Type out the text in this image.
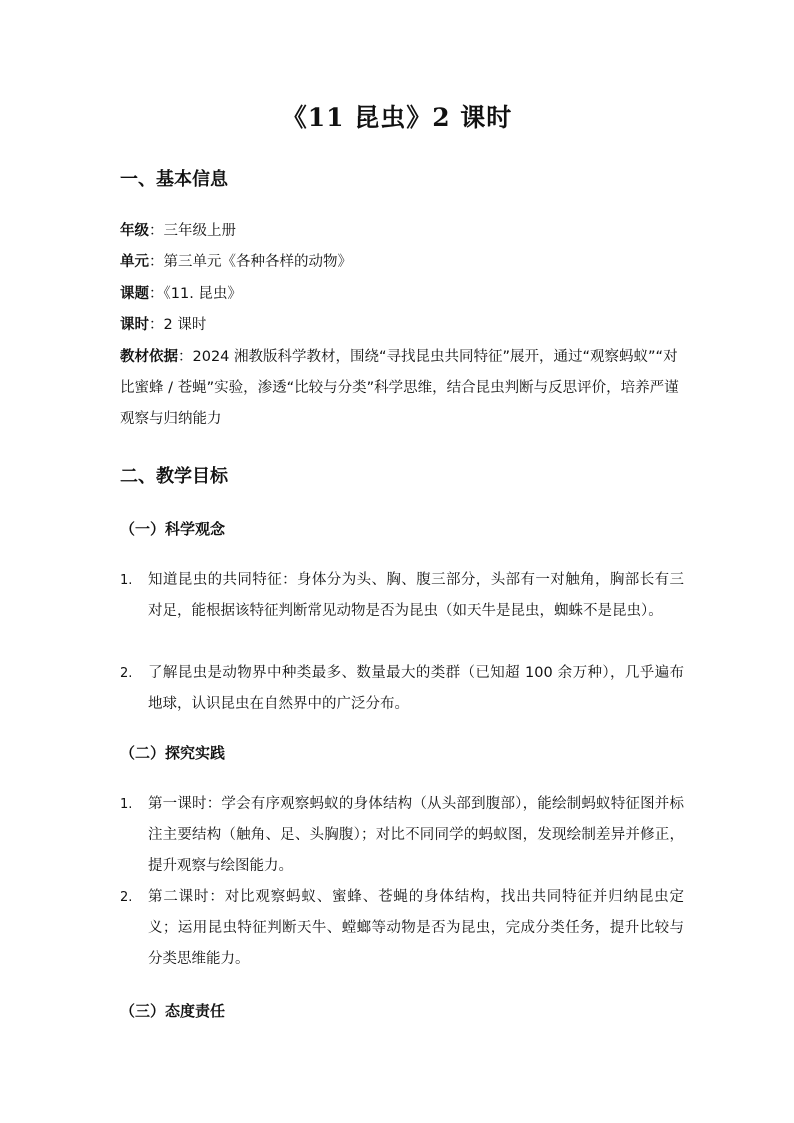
《11 昆虫》2 课时
一、基本信息
年级：三年级上册
单元：第三单元《各种各样的动物》
课题：《11. 昆虫》
课时：2 课时
教材依据：2024 湘教版科学教材，围绕“寻找昆虫共同特征”展开，通过“观察蚂蚁”“对比蜜蜂 / 苍蝇”实验，渗透“比较与分类”科学思维，结合昆虫判断与反思评价，培养严谨观察与归纳能力
二、教学目标
（一）科学观念
1.	知道昆虫的共同特征：身体分为头、胸、腹三部分，头部有一对触角，胸部长有三对足，能根据该特征判断常见动物是否为昆虫（如天牛是昆虫，蜘蛛不是昆虫）。
2.	了解昆虫是动物界中种类最多、数量最大的类群（已知超 100 余万种），几乎遍布地球，认识昆虫在自然界中的广泛分布。
（二）探究实践
1.	第一课时：学会有序观察蚂蚁的身体结构（从头部到腹部），能绘制蚂蚁特征图并标注主要结构（触角、足、头胸腹）；对比不同同学的蚂蚁图，发现绘制差异并修正，提升观察与绘图能力。
2.	第二课时：对比观察蚂蚁、蜜蜂、苍蝇的身体结构，找出共同特征并归纳昆虫定义；运用昆虫特征判断天牛、螳螂等动物是否为昆虫，完成分类任务，提升比较与分类思维能力。
（三）态度责任
